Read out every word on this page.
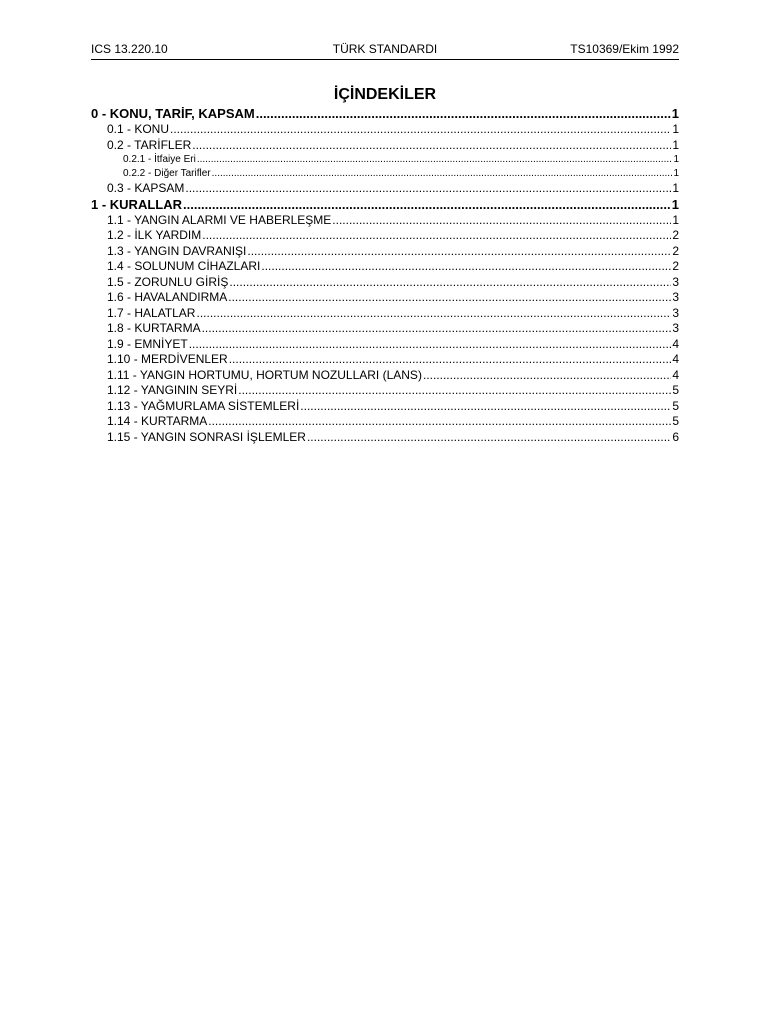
ICS 13.220.10	TÜRK STANDARDI	TS10369/Ekim 1992
İÇİNDEKİLER
0 - KONU, TARİF, KAPSAM .....	1
0.1 - KONU .....	1
0.2 - TARİFLER .....	1
0.2.1 - İtfaiye Eri .....	1
0.2.2 - Diğer Tarifler .....	1
0.3 - KAPSAM .....	1
1 - KURALLAR .....	1
1.1 - YANGIN ALARMI VE HABERLEŞME .....	1
1.2 - İLK YARDIM .....	2
1.3 - YANGIN DAVRANIŞI .....	2
1.4 - SOLUNUM CİHAZLARI .....	2
1.5 - ZORUNLU GİRİŞ .....	3
1.6 - HAVALANDIRMA .....	3
1.7 - HALATLAR .....	3
1.8 - KURTARMA .....	3
1.9 - EMNİYET .....	4
1.10 - MERDİVENLER .....	4
1.11 - YANGIN HORTUMU, HORTUM NOZULLARI (LANS) .....	4
1.12 - YANGININ SEYRİ .....	5
1.13 - YAĞMURLAMA SİSTEMLERİ .....	5
1.14 - KURTARMA .....	5
1.15 - YANGIN SONRASI İŞLEMLER .....	6
